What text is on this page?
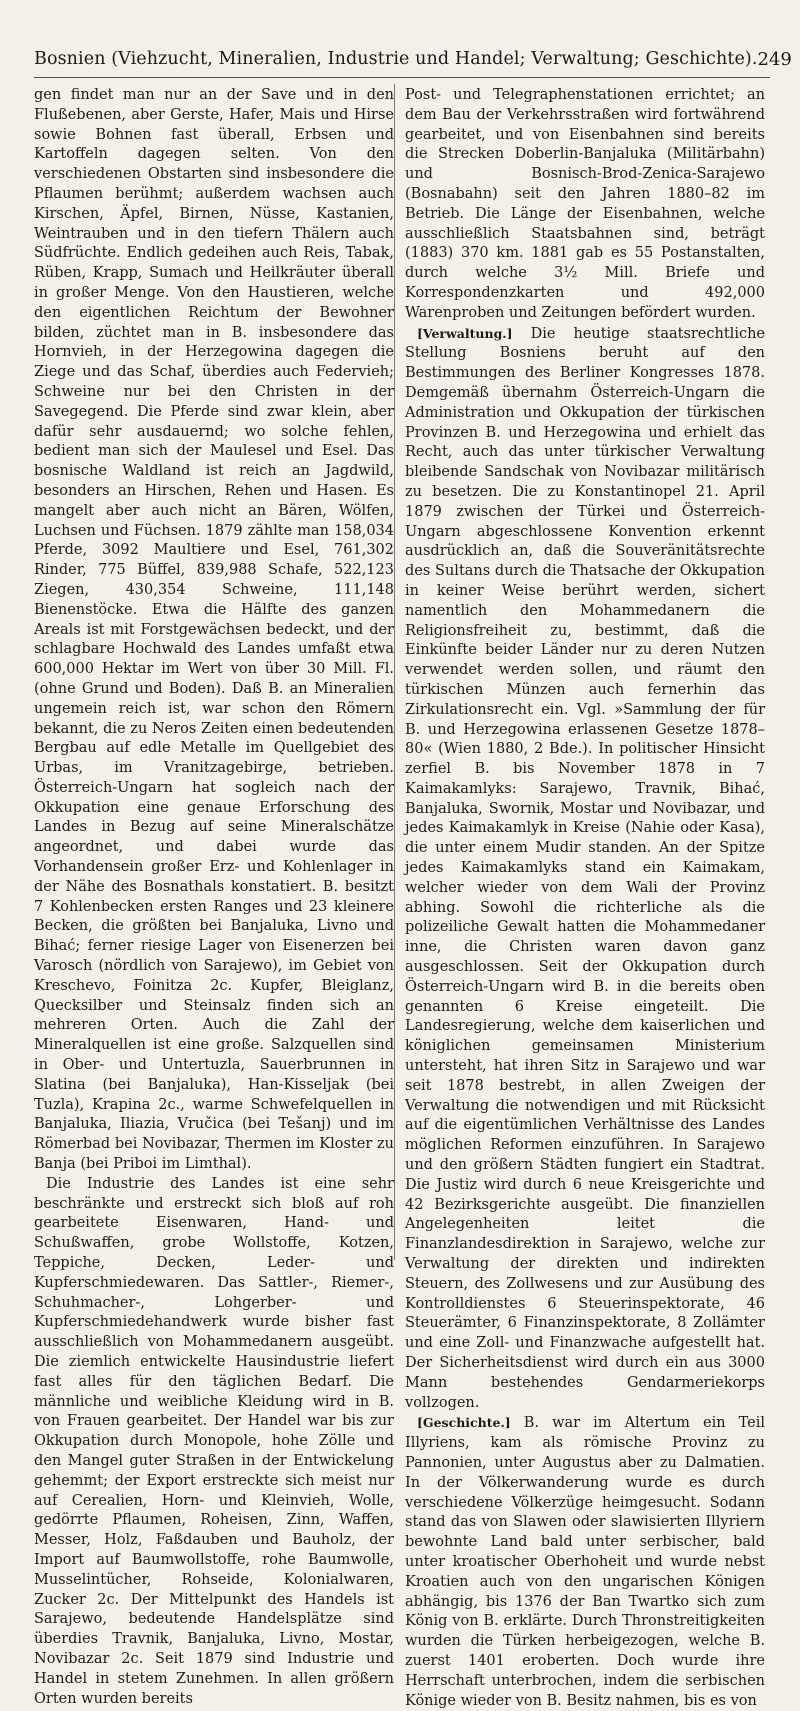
Bosnien (Viehzucht, Mineralien, Industrie und Handel; Verwaltung; Geschichte). 249

gen findet man nur an der Save und in den Flußebenen, aber Gerste, Hafer, Mais und Hirse sowie Bohnen fast überall, Erbsen und Kartoffeln dagegen selten. Von den verschiedenen Obstarten sind insbesondere die Pflaumen berühmt; außerdem wachsen auch Kirschen, Äpfel, Birnen, Nüsse, Kastanien, Weintrauben und in den tiefern Thälern auch Südfrüchte. Endlich gedeihen auch Reis, Tabak, Rüben, Krapp, Sumach und Heilkräuter überall in großer Menge. Von den Haustieren, welche den eigentlichen Reichtum der Bewohner bilden, züchtet man in B. insbesondere das Hornvieh, in der Herzegowina dagegen die Ziege und das Schaf, überdies auch Federvieh; Schweine nur bei den Christen in der Savegegend. Die Pferde sind zwar klein, aber dafür sehr ausdauernd; wo solche fehlen, bedient man sich der Maulesel und Esel. Das bosnische Waldland ist reich an Jagdwild, besonders an Hirschen, Rehen und Hasen. Es mangelt aber auch nicht an Bären, Wölfen, Luchsen und Füchsen. 1879 zählte man 158,034 Pferde, 3092 Maultiere und Esel, 761,302 Rinder, 775 Büffel, 839,988 Schafe, 522,123 Ziegen, 430,354 Schweine, 111,148 Bienenstöcke. Etwa die Hälfte des ganzen Areals ist mit Forstgewächsen bedeckt, und der schlagbare Hochwald des Landes umfaßt etwa 600,000 Hektar im Wert von über 30 Mill. Fl. (ohne Grund und Boden). Daß B. an Mineralien ungemein reich ist, war schon den Römern bekannt, die zu Neros Zeiten einen bedeutenden Bergbau auf edle Metalle im Quellgebiet des Urbas, im Vranitzagebirge, betrieben. Österreich-Ungarn hat sogleich nach der Okkupation eine genaue Erforschung des Landes in Bezug auf seine Mineralschätze angeordnet, und dabei wurde das Vorhandensein großer Erz- und Kohlenlager in der Nähe des Bosnathals konstatiert. B. besitzt 7 Kohlenbecken ersten Ranges und 23 kleinere Becken, die größten bei Banjaluka, Livno und Bihać; ferner riesige Lager von Eisenerzen bei Varosch (nördlich von Sarajewo), im Gebiet von Kreschevo, Foinitza 2c. Kupfer, Bleiglanz, Quecksilber und Steinsalz finden sich an mehreren Orten. Auch die Zahl der Mineralquellen ist eine große. Salzquellen sind in Ober- und Untertuzla, Sauerbrunnen in Slatina (bei Banjaluka), Han-Kisseljak (bei Tuzla), Krapina 2c., warme Schwefelquellen in Banjaluka, Iliazia, Vručica (bei Tešanj) und im Römerbad bei Novibazar, Thermen im Kloster zu Banja (bei Priboi im Limthal).

Die Industrie des Landes ist eine sehr beschränkte und erstreckt sich bloß auf roh gearbeitete Eisenwaren, Hand- und Schußwaffen, grobe Wollstoffe, Kotzen, Teppiche, Decken, Leder- und Kupferschmiedewaren. Das Sattler-, Riemer-, Schuhmacher-, Lohgerber- und Kupferschmiedehandwerk wurde bisher fast ausschließlich von Mohammedanern ausgeübt. Die ziemlich entwickelte Hausindustrie liefert fast alles für den täglichen Bedarf. Die männliche und weibliche Kleidung wird in B. von Frauen gearbeitet. Der Handel war bis zur Okkupation durch Monopole, hohe Zölle und den Mangel guter Straßen in der Entwickelung gehemmt; der Export erstreckte sich meist nur auf Cerealien, Horn- und Kleinvieh, Wolle, gedörrte Pflaumen, Roheisen, Zinn, Waffen, Messer, Holz, Faßdauben und Bauholz, der Import auf Baumwollstoffe, rohe Baumwolle, Musselintücher, Rohseide, Kolonialwaren, Zucker 2c. Der Mittelpunkt des Handels ist Sarajewo, bedeutende Handelsplätze sind überdies Travnik, Banjaluka, Livno, Mostar, Novibazar 2c. Seit 1879 sind Industrie und Handel in stetem Zunehmen. In allen größern Orten wurden bereits

Post- und Telegraphenstationen errichtet; an dem Bau der Verkehrsstraßen wird fortwährend gearbeitet, und von Eisenbahnen sind bereits die Strecken Doberlin-Banjaluka (Militärbahn) und Bosnisch-Brod-Zenica-Sarajewo (Bosnabahn) seit den Jahren 1880–82 im Betrieb. Die Länge der Eisenbahnen, welche ausschließlich Staatsbahnen sind, beträgt (1883) 370 km. 1881 gab es 55 Postanstalten, durch welche 3½ Mill. Briefe und Korrespondenzkarten und 492,000 Warenproben und Zeitungen befördert wurden.

[Verwaltung.] Die heutige staatsrechtliche Stellung Bosniens beruht auf den Bestimmungen des Berliner Kongresses 1878. Demgemäß übernahm Österreich-Ungarn die Administration und Okkupation der türkischen Provinzen B. und Herzegowina und erhielt das Recht, auch das unter türkischer Verwaltung bleibende Sandschak von Novibazar militärisch zu besetzen. Die zu Konstantinopel 21. April 1879 zwischen der Türkei und Österreich-Ungarn abgeschlossene Konvention erkennt ausdrücklich an, daß die Souveränitätsrechte des Sultans durch die Thatsache der Okkupation in keiner Weise berührt werden, sichert namentlich den Mohammedanern die Religionsfreiheit zu, bestimmt, daß die Einkünfte beider Länder nur zu deren Nutzen verwendet werden sollen, und räumt den türkischen Münzen auch fernerhin das Zirkulationsrecht ein. Vgl. »Sammlung der für B. und Herzegowina erlassenen Gesetze 1878–80« (Wien 1880, 2 Bde.). In politischer Hinsicht zerfiel B. bis November 1878 in 7 Kaimakamlyks: Sarajewo, Travnik, Bihać, Banjaluka, Swornik, Mostar und Novibazar, und jedes Kaimakamlyk in Kreise (Nahie oder Kasa), die unter einem Mudir standen. An der Spitze jedes Kaimakamlyks stand ein Kaimakam, welcher wieder von dem Wali der Provinz abhing. Sowohl die richterliche als die polizeiliche Gewalt hatten die Mohammedaner inne, die Christen waren davon ganz ausgeschlossen. Seit der Okkupation durch Österreich-Ungarn wird B. in die bereits oben genannten 6 Kreise eingeteilt. Die Landesregierung, welche dem kaiserlichen und königlichen gemeinsamen Ministerium untersteht, hat ihren Sitz in Sarajewo und war seit 1878 bestrebt, in allen Zweigen der Verwaltung die notwendigen und mit Rücksicht auf die eigentümlichen Verhältnisse des Landes möglichen Reformen einzuführen. In Sarajewo und den größern Städten fungiert ein Stadtrat. Die Justiz wird durch 6 neue Kreisgerichte und 42 Bezirksgerichte ausgeübt. Die finanziellen Angelegenheiten leitet die Finanzlandesdirektion in Sarajewo, welche zur Verwaltung der direkten und indirekten Steuern, des Zollwesens und zur Ausübung des Kontrolldienstes 6 Steuerinspektorate, 46 Steuerämter, 6 Finanzinspektorate, 8 Zollämter und eine Zoll- und Finanzwache aufgestellt hat. Der Sicherheitsdienst wird durch ein aus 3000 Mann bestehendes Gendarmeriekorps vollzogen.

[Geschichte.] B. war im Altertum ein Teil Illyriens, kam als römische Provinz zu Pannonien, unter Augustus aber zu Dalmatien. In der Völkerwanderung wurde es durch verschiedene Völkerzüge heimgesucht. Sodann stand das von Slawen oder slawisierten Illyriern bewohnte Land bald unter serbischer, bald unter kroatischer Oberhoheit und wurde nebst Kroatien auch von den ungarischen Königen abhängig, bis 1376 der Ban Twartko sich zum König von B. erklärte. Durch Thronstreitigkeiten wurden die Türken herbeigezogen, welche B. zuerst 1401 eroberten. Doch wurde ihre Herrschaft unterbrochen, indem die serbischen Könige wieder von B. Besitz nahmen, bis es von
